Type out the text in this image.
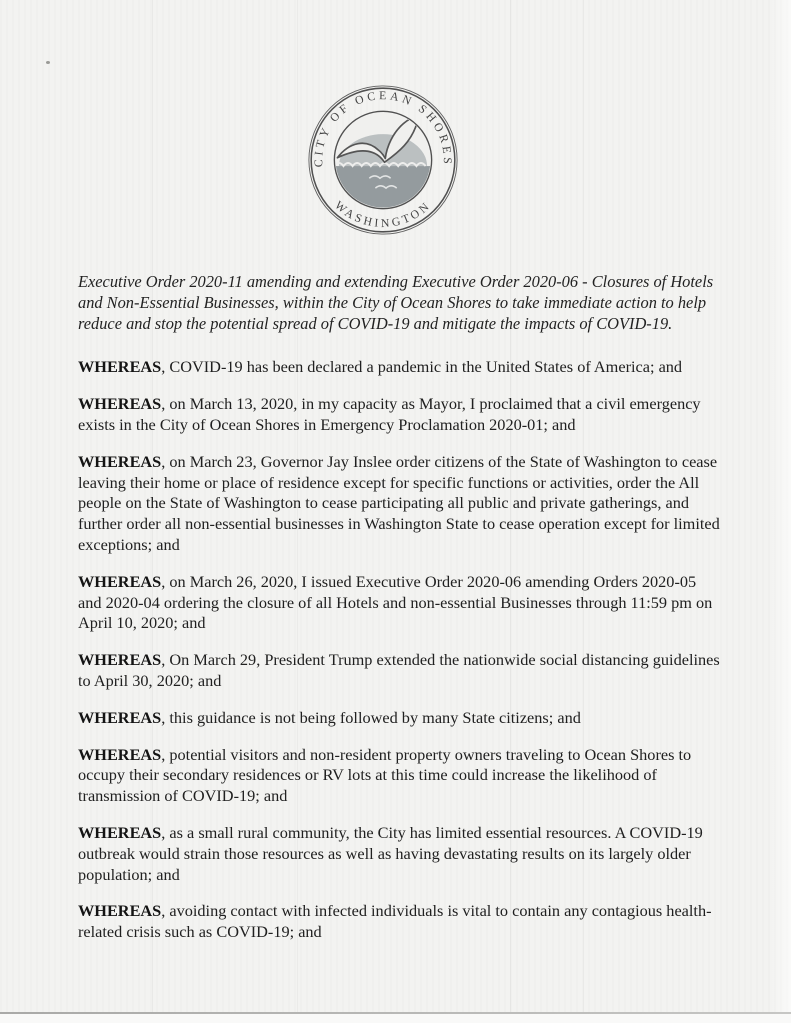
CITY OF OCEAN SHORES
WASHINGTON

Executive Order 2020-11 amending and extending Executive Order 2020-06 - Closures of Hotels and Non-Essential Businesses, within the City of Ocean Shores to take immediate action to help reduce and stop the potential spread of COVID-19 and mitigate the impacts of COVID-19.

WHEREAS, COVID-19 has been declared a pandemic in the United States of America; and

WHEREAS, on March 13, 2020, in my capacity as Mayor, I proclaimed that a civil emergency exists in the City of Ocean Shores in Emergency Proclamation 2020-01; and

WHEREAS, on March 23, Governor Jay Inslee order citizens of the State of Washington to cease leaving their home or place of residence except for specific functions or activities, order the All people on the State of Washington to cease participating all public and private gatherings, and further order all non-essential businesses in Washington State to cease operation except for limited exceptions; and

WHEREAS, on March 26, 2020, I issued Executive Order 2020-06 amending Orders 2020-05 and 2020-04 ordering the closure of all Hotels and non-essential Businesses through 11:59 pm on April 10, 2020; and

WHEREAS, On March 29, President Trump extended the nationwide social distancing guidelines to April 30, 2020; and

WHEREAS, this guidance is not being followed by many State citizens; and

WHEREAS, potential visitors and non-resident property owners traveling to Ocean Shores to occupy their secondary residences or RV lots at this time could increase the likelihood of transmission of COVID-19; and

WHEREAS, as a small rural community, the City has limited essential resources. A COVID-19 outbreak would strain those resources as well as having devastating results on its largely older population; and

WHEREAS, avoiding contact with infected individuals is vital to contain any contagious health-related crisis such as COVID-19; and
